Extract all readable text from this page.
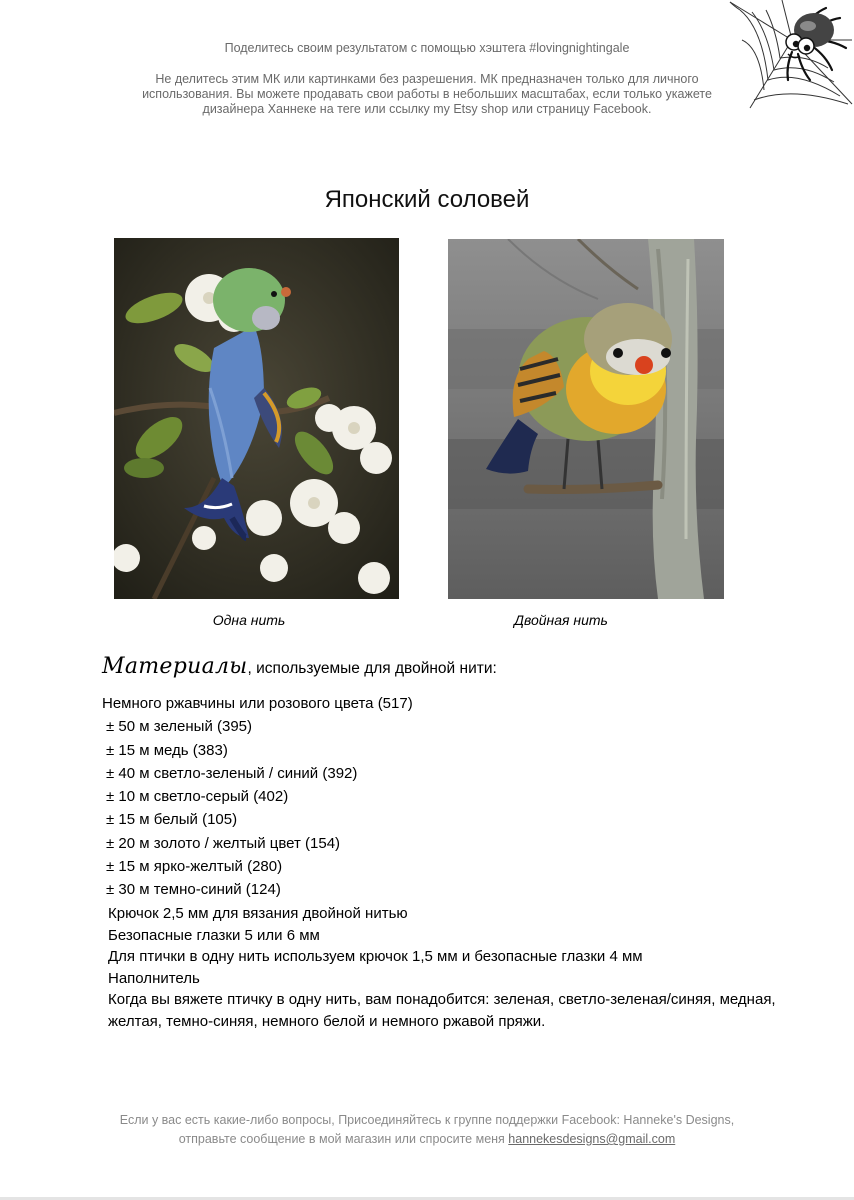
Поделитесь своим результатом с помощью хэштега #lovingnightingale
Не делитесь этим МК или картинками без разрешения. МК предназначен только для личного
использования. Вы можете продавать свои работы в небольших масштабах, если только укажете
дизайнера Ханнеке на теге или ссылку my Etsy shop или страницу Facebook.
Японский соловей
Одна нить	Двойная нить
Материалы, используемые для двойной нити:
Немного ржавчины или розового цвета (517)
± 50 м зеленый (395)
± 15 м медь (383)
± 40 м светло-зеленый / синий (392)
± 10 м светло-серый (402)
± 15 м белый (105)
± 20 м золото / желтый цвет (154)
± 15 м ярко-желтый (280)
± 30 м темно-синий (124)
Крючок 2,5 мм для вязания двойной нитью
Безопасные глазки 5 или 6 мм
Для птички в одну нить используем крючок 1,5 мм и безопасные глазки 4 мм
Наполнитель
Когда вы вяжете птичку в одну нить, вам понадобится: зеленая, светло-зеленая/синяя, медная, желтая, темно-синяя, немного белой и немного ржавой пряжи.
Если у вас есть какие-либо вопросы, Присоединяйтесь к группе поддержки Facebook: Hanneke's Designs,
отправьте сообщение в мой магазин или спросите меня hannekesdesigns@gmail.com
